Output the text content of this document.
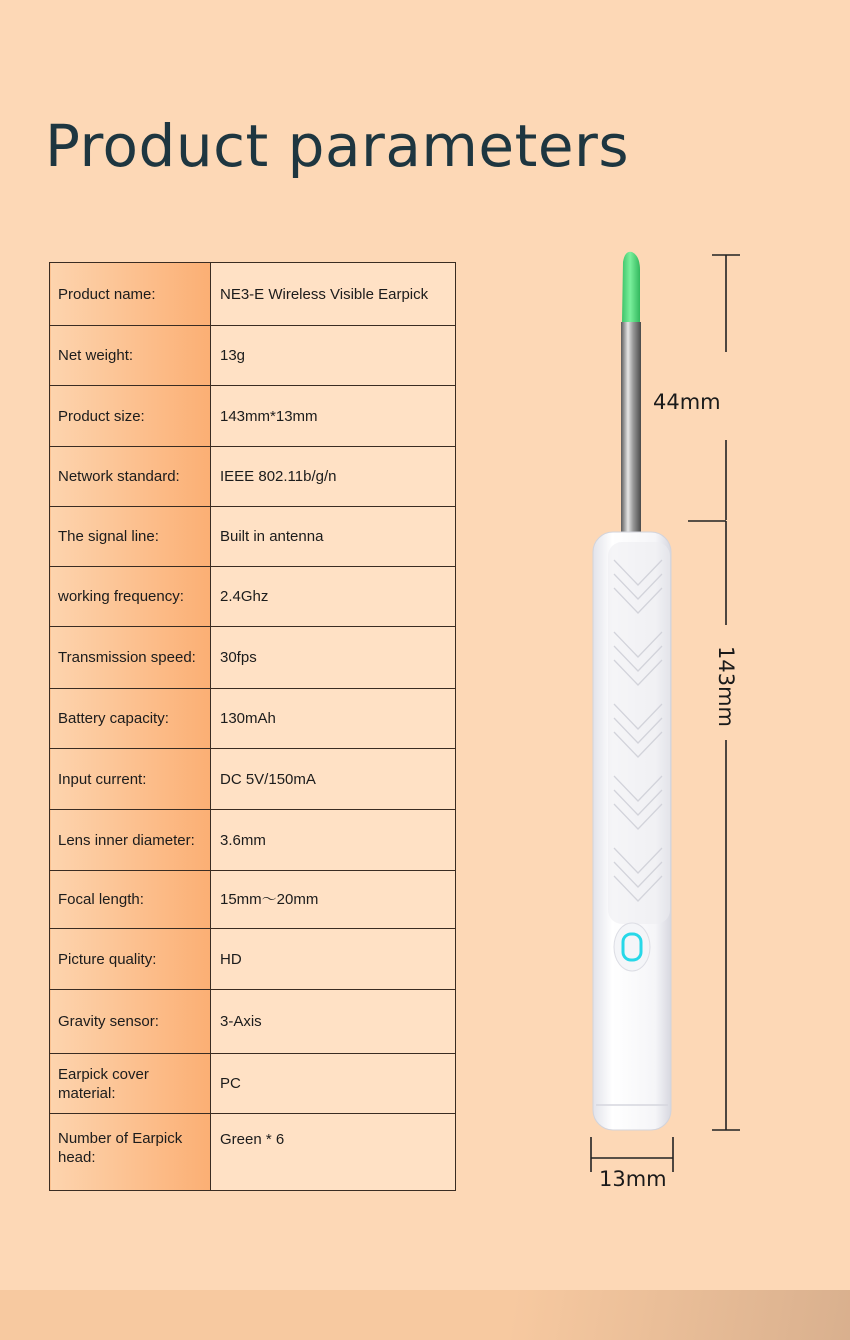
Product parameters
Product name:	NE3-E Wireless Visible Earpick
Net weight:	13g
Product size:	143mm*13mm
Network standard:	IEEE 802.11b/g/n
The signal line:	Built in antenna
working frequency:	2.4Ghz
Transmission speed:	30fps
Battery capacity:	130mAh
Input current:	DC 5V/150mA
Lens inner diameter:	3.6mm
Focal length:	15mm～20mm
Picture quality:	HD
Gravity sensor:	3-Axis
Earpick cover material:	PC
Number of Earpick head:	Green * 6
44mm
143mm
13mm
